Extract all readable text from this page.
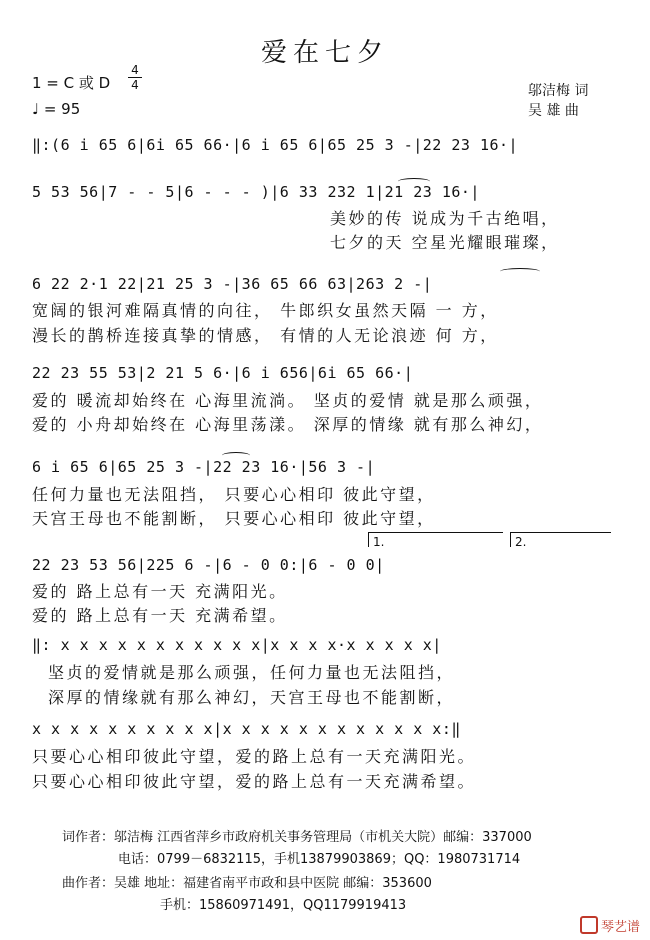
爱在七夕
1 = C 或 D
4
4
♩ = 95
邬洁梅 词
吴 雄 曲
‖:(6 i 65 6|6i 65 66·|6 i 65 6|65 25 3 -|22 23 16·|
5 53 56|7 - - 5|6 - - - )|6 33 232 1|21 23 16·|
美妙的传 说成为千古绝唱，
七夕的天 空星光耀眼璀璨，
6 22 2·1 22|21 25 3 -|36 65 66 63|263 2 -|
宽阔的银河难隔真情的向往， 牛郎织女虽然天隔 一 方，
漫长的鹊桥连接真挚的情感， 有情的人无论浪迹 何 方，
22 23 55 53|2 21 5 6·|6 i 656|6i 65 66·|
爱的 暖流却始终在 心海里流淌。 坚贞的爱情 就是那么顽强，
爱的 小舟却始终在 心海里荡漾。 深厚的情缘 就有那么神幻，
6 i 65 6|65 25 3 -|22 23 16·|56 3 -|
任何力量也无法阻挡， 只要心心相印 彼此守望，
天宫王母也不能割断， 只要心心相印 彼此守望，
1.	2.
22 23 53 56|225 6 -|6 - 0 0:|6 - 0 0|
爱的 路上总有一天 充满阳光。
爱的 路上总有一天 充满希望。
‖: x x x x x x x x x x x|x x x x·x x x x x|
坚贞的爱情就是那么顽强，任何力量也无法阻挡，
深厚的情缘就有那么神幻，天宫王母也不能割断，
x x x x x x x x x x|x x x x x x x x x x x x:‖
只要心心相印彼此守望，爱的路上总有一天充满阳光。
只要心心相印彼此守望，爱的路上总有一天充满希望。
词作者：邬洁梅 江西省萍乡市政府机关事务管理局（市机关大院）邮编：337000
电话：0799－6832115，手机13879903869；QQ：1980731714
曲作者：吴雄 地址：福建省南平市政和县中医院 邮编：353600
手机：15860971491，QQ1179919413
琴艺谱
